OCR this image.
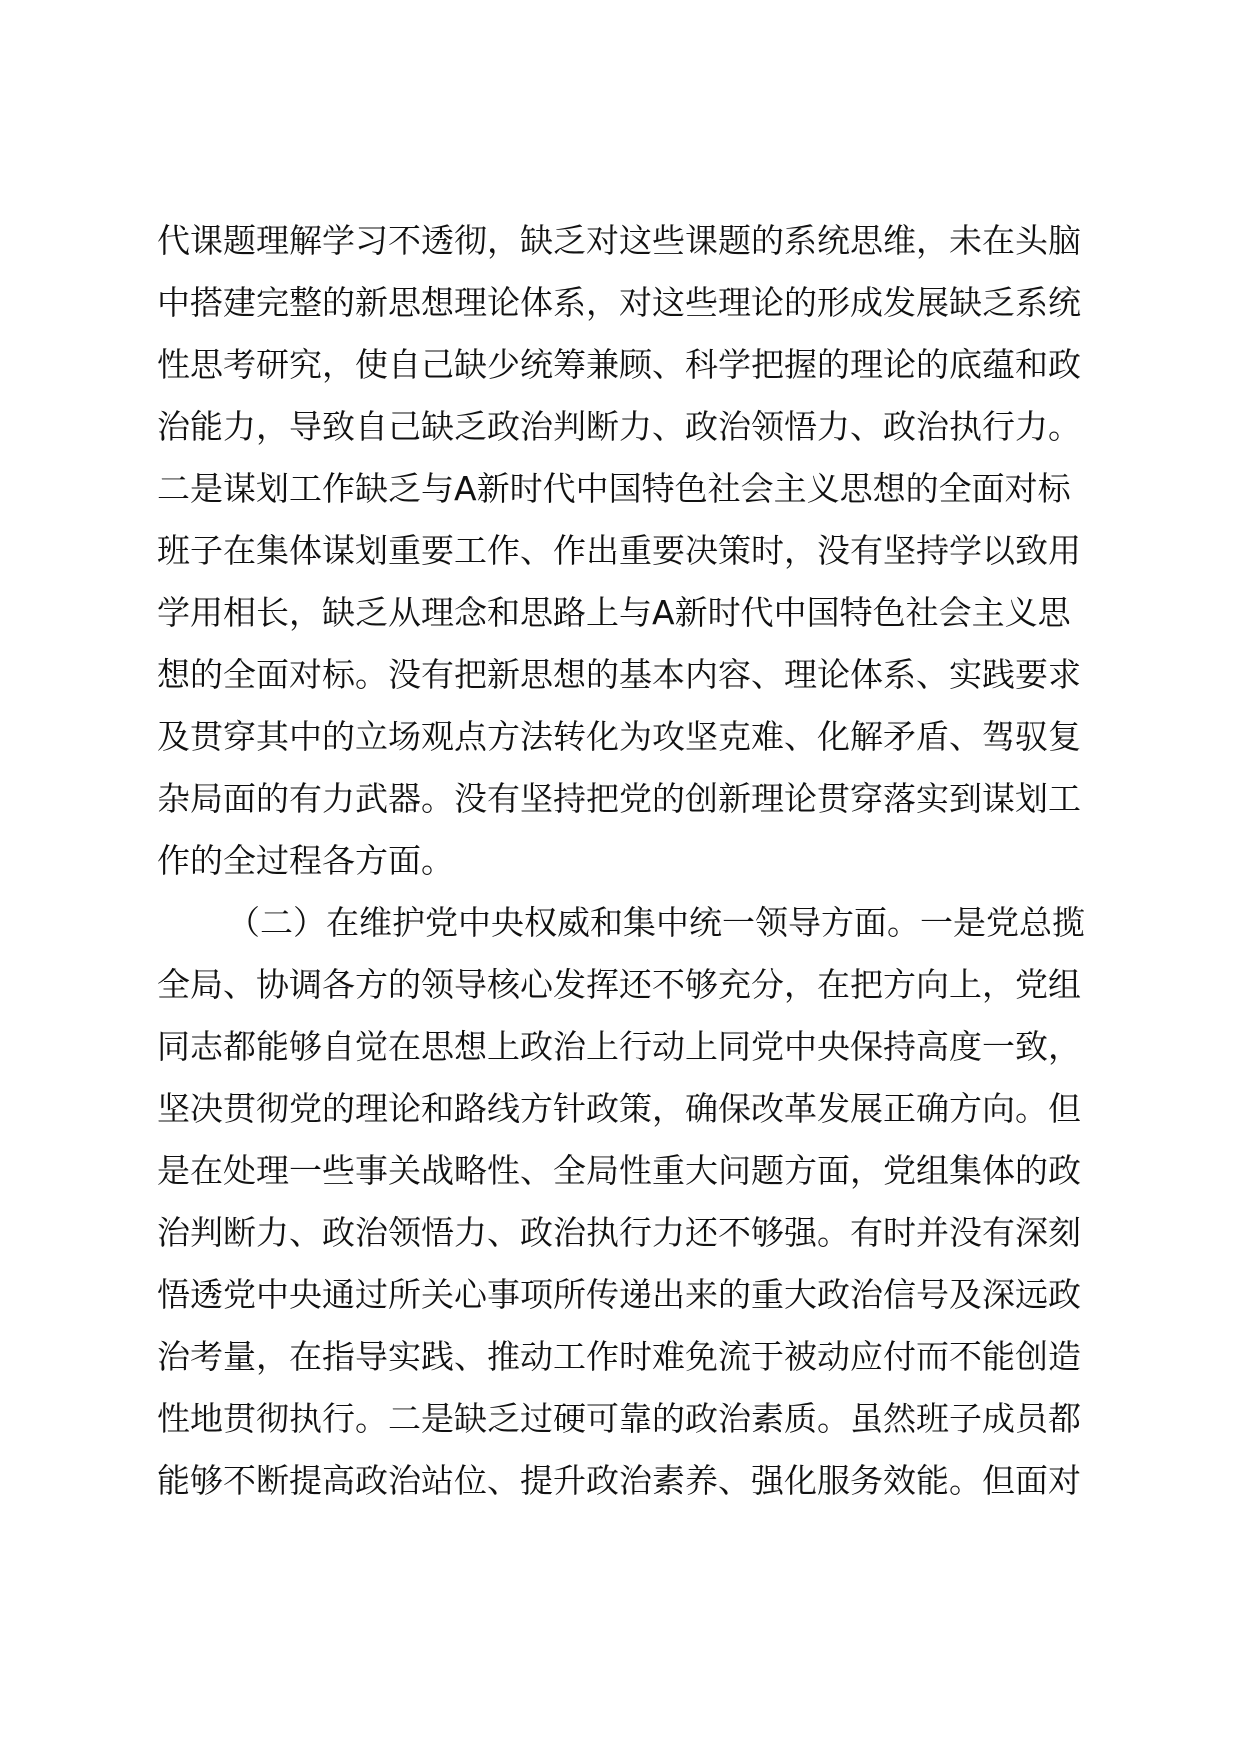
代课题理解学习不透彻，缺乏对这些课题的系统思维，未在头脑
中搭建完整的新思想理论体系，对这些理论的形成发展缺乏系统
性思考研究，使自己缺少统筹兼顾、科学把握的理论的底蕴和政
治能力，导致自己缺乏政治判断力、政治领悟力、政治执行力。
二是谋划工作缺乏与A新时代中国特色社会主义思想的全面对标
班子在集体谋划重要工作、作出重要决策时，没有坚持学以致用
学用相长，缺乏从理念和思路上与A新时代中国特色社会主义思
想的全面对标。没有把新思想的基本内容、理论体系、实践要求
及贯穿其中的立场观点方法转化为攻坚克难、化解矛盾、驾驭复
杂局面的有力武器。没有坚持把党的创新理论贯穿落实到谋划工
作的全过程各方面。
（二）在维护党中央权威和集中统一领导方面。一是党总揽
全局、协调各方的领导核心发挥还不够充分，在把方向上，党组
同志都能够自觉在思想上政治上行动上同党中央保持高度一致，
坚决贯彻党的理论和路线方针政策，确保改革发展正确方向。但
是在处理一些事关战略性、全局性重大问题方面，党组集体的政
治判断力、政治领悟力、政治执行力还不够强。有时并没有深刻
悟透党中央通过所关心事项所传递出来的重大政治信号及深远政
治考量，在指导实践、推动工作时难免流于被动应付而不能创造
性地贯彻执行。二是缺乏过硬可靠的政治素质。虽然班子成员都
能够不断提高政治站位、提升政治素养、强化服务效能。但面对
